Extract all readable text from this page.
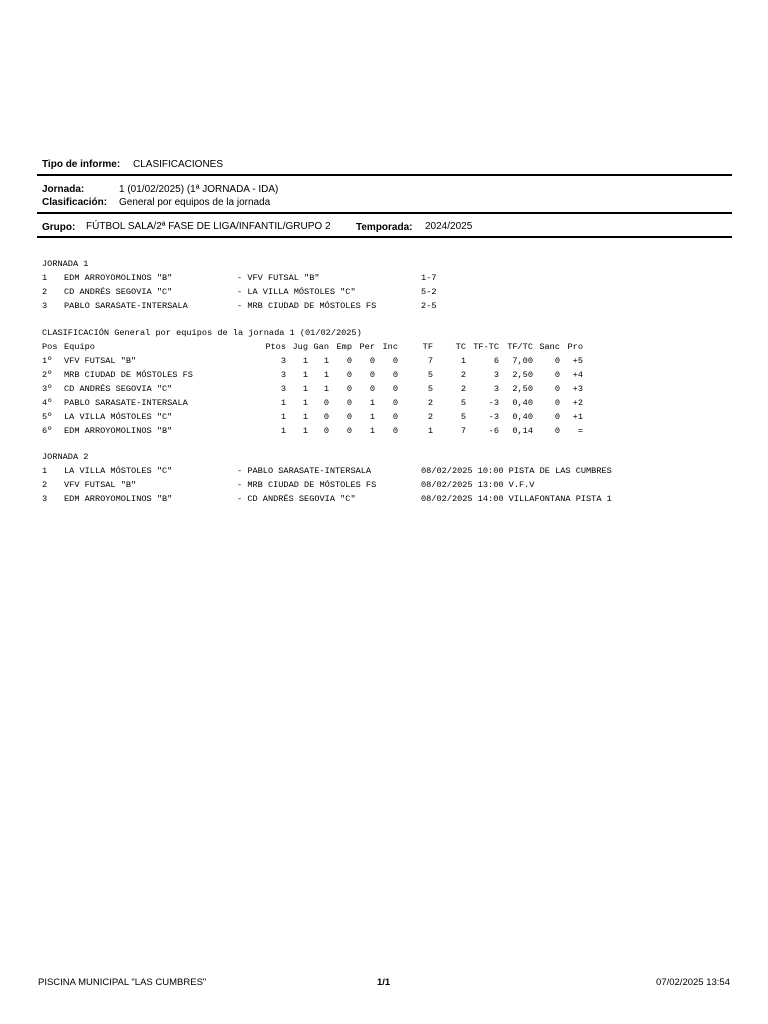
Tipo de informe: CLASIFICACIONES
Jornada:	1 (01/02/2025) (1ª JORNADA - IDA)
Clasificación: General por equipos de la jornada
Grupo: FÚTBOL SALA/2ª FASE DE LIGA/INFANTIL/GRUPO 2	Temporada: 2024/2025
JORNADA 1
1 EDM ARROYOMOLINOS "B"	- VFV FUTSAL "B"	1-7
2 CD ANDRÉS SEGOVIA "C"	- LA VILLA MÓSTOLES "C"	5-2
3 PABLO SARASATE-INTERSALA	- MRB CIUDAD DE MÓSTOLES FS	2-5
CLASIFICACIÓN General por equipos de la jornada 1 (01/02/2025)
Pos Equipo	Ptos Jug Gan Emp Per Inc	TF	TC TF-TC TF/TC Sanc Pro
1º VFV FUTSAL "B"	3 1 1 0 0 0	7	1	6 7,00	0 +5
2º MRB CIUDAD DE MÓSTOLES FS	3 1 1 0 0 0	5	2	3 2,50	0 +4
3º CD ANDRÉS SEGOVIA "C"	3 1 1 0 0 0	5	2	3 2,50	0 +3
4º PABLO SARASATE-INTERSALA	1 1 0 0 1 0	2	5	-3 0,40	0 +2
5º LA VILLA MÓSTOLES "C"	1 1 0 0 1 0	2	5	-3 0,40	0 +1
6º EDM ARROYOMOLINOS "B"	1 1 0 0 1 0	1	7	-6 0,14	0 =
JORNADA 2
1 LA VILLA MÓSTOLES "C"	- PABLO SARASATE-INTERSALA	08/02/2025 10:00 PISTA DE LAS CUMBRES
2 VFV FUTSAL "B"	- MRB CIUDAD DE MÓSTOLES FS	08/02/2025 13:00 V.F.V
3 EDM ARROYOMOLINOS "B"	- CD ANDRÉS SEGOVIA "C"	08/02/2025 14:00 VILLAFONTANA PISTA 1
PISCINA MUNICIPAL "LAS CUMBRES"	1/1	07/02/2025 13:54
